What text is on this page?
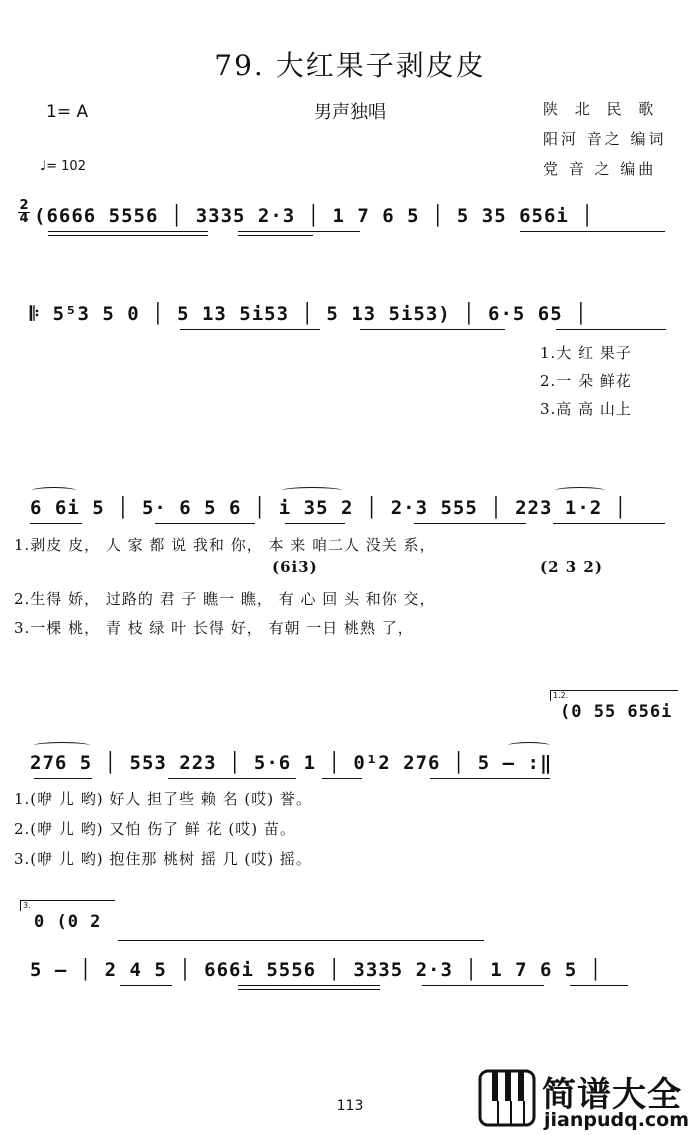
79. 大红果子剥皮皮
1= A	男声独唱	陕 北 民 歌
阳河 音之 编词
党 音 之 编曲
♩= 102
2
4 (6666 5556 │ 3335 2·3 │ 1 7 6 5 │ 5 35 656i │
𝄆 5⁵3 5 0 │ 5 13 5i53 │ 5 13 5i53) │ 6·5 65 │
1.大 红 果子
2.一 朵 鲜花
3.高 高 山上
6 6i 5 │ 5· 6 5 6 │ i 35 2 │ 2·3 555 │ 223 1·2 │
1.剥皮 皮， 人 家 都 说 我和 你， 本 来 咱二人 没关 系，
(6i3)	(2 3 2)
2.生得 娇， 过路的 君 子 瞧一 瞧， 有 心 回 头 和你 交，
3.一棵 桃， 青 枝 绿 叶 长得 好， 有朝 一日 桃熟 了，
1.2.
(0 55 656i
276 5 │ 553 223 │ 5·6 1 │ 0¹2 276 │ 5 – :‖
1.(咿 儿 哟) 好人 担了些 赖 名 (哎) 誉。
2.(咿 儿 哟) 又怕 伤了 鲜 花 (哎) 苗。
3.(咿 儿 哟) 抱住那 桃树 摇 几 (哎) 摇。
3.
0 (0 2
5 – │ 2 4 5 │ 666i 5556 │ 3335 2·3 │ 1 7 6 5 │
113	简谱大全
jianpudq.com
